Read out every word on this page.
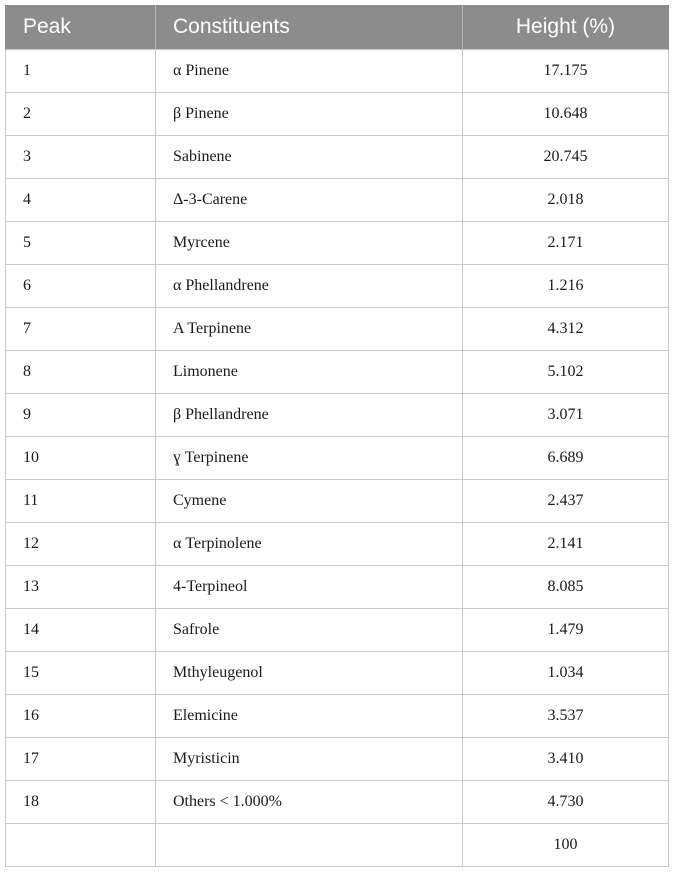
Peak	Constituents	Height (%)
1	α Pinene	17.175
2	β Pinene	10.648
3	Sabinene	20.745
4	Δ-3-Carene	2.018
5	Myrcene	2.171
6	α Phellandrene	1.216
7	A Terpinene	4.312
8	Limonene	5.102
9	β Phellandrene	3.071
10	ɣ Terpinene	6.689
11	Cymene	2.437
12	α Terpinolene	2.141
13	4-Terpineol	8.085
14	Safrole	1.479
15	Mthyleugenol	1.034
16	Elemicine	3.537
17	Myristicin	3.410
18	Others < 1.000%	4.730
		100
